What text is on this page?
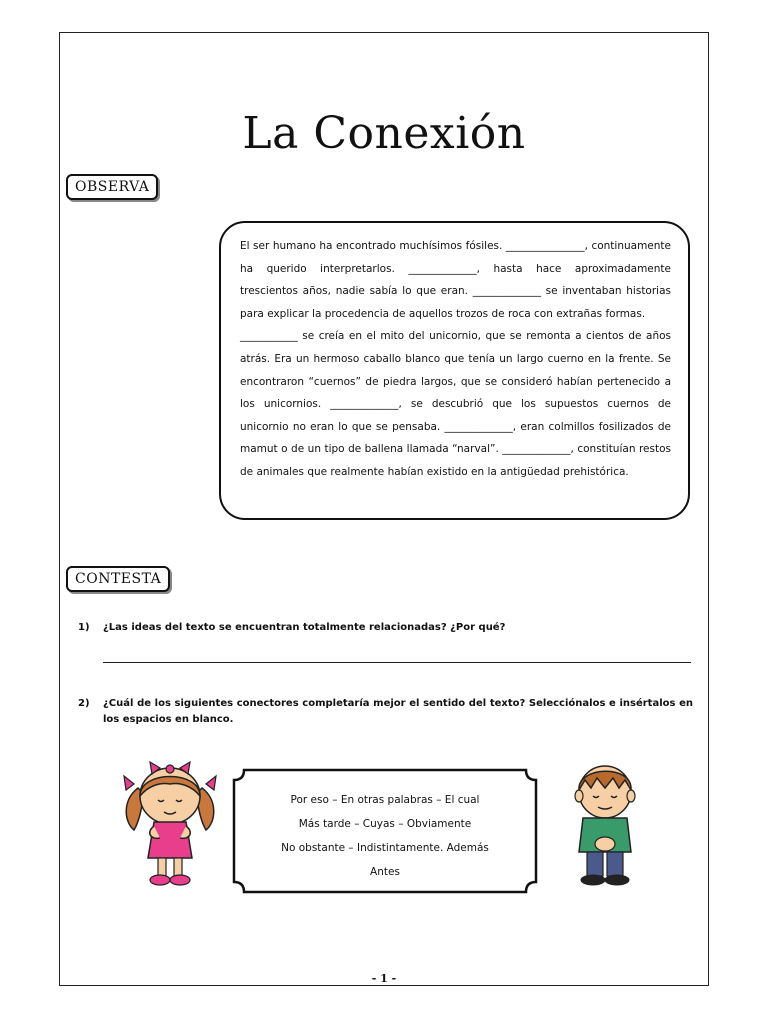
La Conexión
OBSERVA

El ser humano ha encontrado muchísimos fósiles. _______________, continuamente ha querido interpretarlos. _____________, hasta hace aproximadamente trescientos años, nadie sabía lo que eran. _____________ se inventaban historias para explicar la procedencia de aquellos trozos de roca con extrañas formas.

___________ se creía en el mito del unicornio, que se remonta a cientos de años atrás. Era un hermoso caballo blanco que tenía un largo cuerno en la frente. Se encontraron “cuernos” de piedra largos, que se consideró habían pertenecido a los unicornios. _____________, se descubrió que los supuestos cuernos de unicornio no eran lo que se pensaba. _____________, eran colmillos fosilizados de mamut o de un tipo de ballena llamada “narval”. _____________, constituían restos de animales que realmente habían existido en la antigüedad prehistórica.

CONTESTA
1) ¿Las ideas del texto se encuentran totalmente relacionadas? ¿Por qué?
2) ¿Cuál de los siguientes conectores completaría mejor el sentido del texto? Selecciónalos e insértalos en los espacios en blanco.
Por eso – En otras palabras – El cual
Más tarde – Cuyas – Obviamente
No obstante – Indistintamente. Además
Antes
- 1 -
